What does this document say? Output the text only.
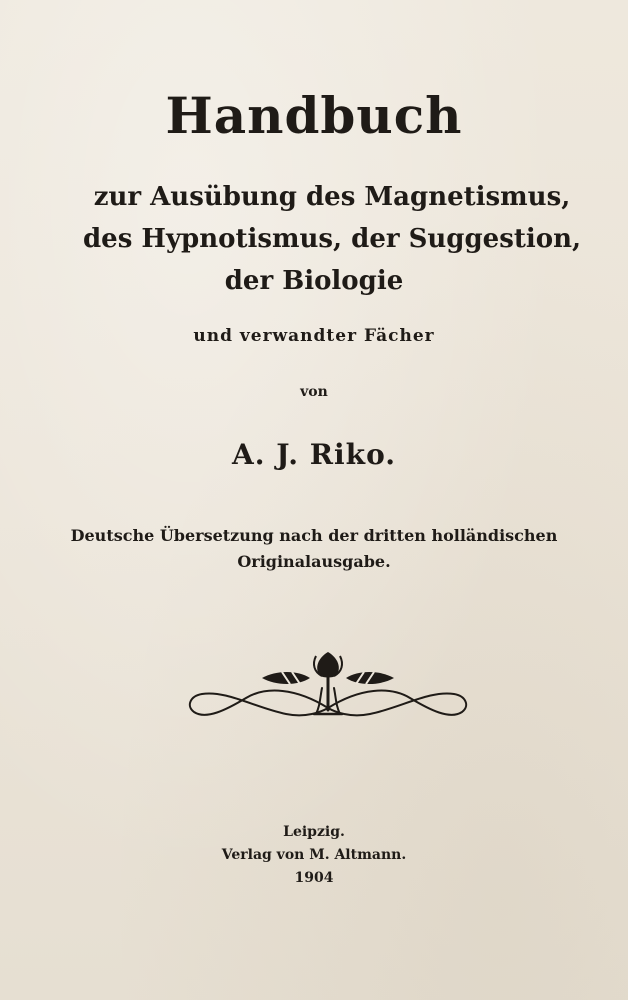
Handbuch
zur Ausübung des Magnetismus,
des Hypnotismus, der Suggestion,
der Biologie
und verwandter Fächer
von
A. J. Riko.
Deutsche Übersetzung nach der dritten holländischen
Originalausgabe.
Leipzig.
Verlag von M. Altmann.
1904
